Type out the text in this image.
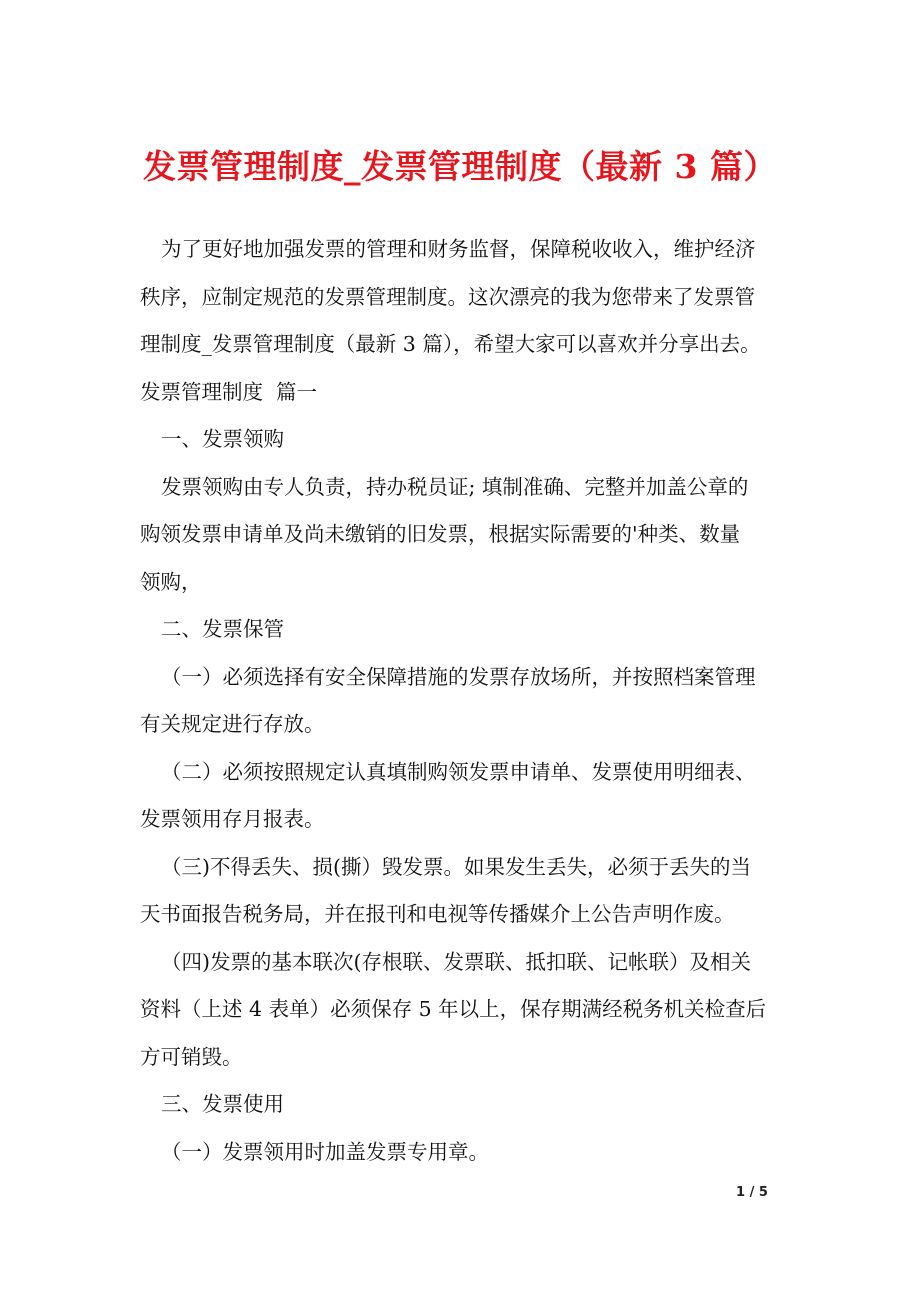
发票管理制度_发票管理制度（最新 3 篇）

为了更好地加强发票的管理和财务监督，保障税收收入，维护经济

秩序，应制定规范的发票管理制度。这次漂亮的我为您带来了发票管

理制度_发票管理制度（最新 3 篇），希望大家可以喜欢并分享出去。

发票管理制度  篇一

一、发票领购

发票领购由专人负责，持办税员证; 填制准确、完整并加盖公章的

购领发票申请单及尚未缴销的旧发票，根据实际需要的'种类、数量

领购，

二、发票保管

（一）必须选择有安全保障措施的发票存放场所，并按照档案管理

有关规定进行存放。

（二）必须按照规定认真填制购领发票申请单、发票使用明细表、

发票领用存月报表。

（三)不得丢失、损(撕）毁发票。如果发生丢失，必须于丢失的当

天书面报告税务局，并在报刊和电视等传播媒介上公告声明作废。

（四)发票的基本联次(存根联、发票联、抵扣联、记帐联）及相关

资料（上述 4 表单）必须保存 5 年以上，保存期满经税务机关检查后

方可销毁。

三、发票使用

（一）发票领用时加盖发票专用章。

1 / 5
